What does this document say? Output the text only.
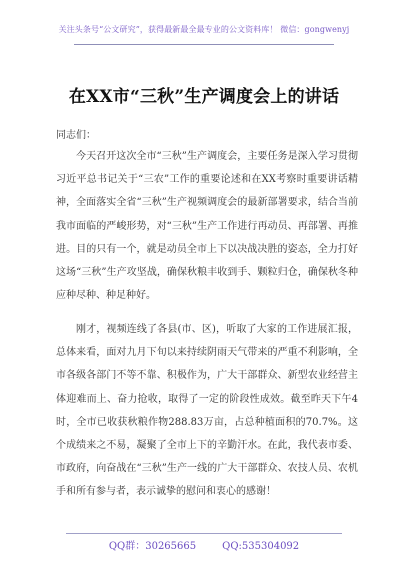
关注头条号“公文研究”，获得最新最全最专业的公文资料库！ 微信：gongwenyj
在XX市“三秋”生产调度会上的讲话
同志们：

今天召开这次全市“三秋”生产调度会，主要任务是深入学习贯彻习近平总书记关于“三农”工作的重要论述和在XX考察时重要讲话精神，全面落实全省“三秋”生产视频调度会的最新部署要求，结合当前我市面临的严峻形势，对“三秋”生产工作进行再动员、再部署、再推进。目的只有一个，就是动员全市上下以决战决胜的姿态，全力打好这场“三秋”生产攻坚战，确保秋粮丰收到手、颗粒归仓，确保秋冬种应种尽种、种足种好。

刚才，视频连线了各县(市、区)，听取了大家的工作进展汇报，总体来看，面对九月下旬以来持续阴雨天气带来的严重不利影响，全市各级各部门不等不靠、积极作为，广大干部群众、新型农业经营主体迎难而上、奋力抢收，取得了一定的阶段性成效。截至昨天下午4时，全市已收获秋粮作物288.83万亩，占总种植面积的70.7%。这个成绩来之不易，凝聚了全市上下的辛勤汗水。在此，我代表市委、市政府，向奋战在“三秋”生产一线的广大干部群众、农技人员、农机手和所有参与者，表示诚挚的慰问和衷心的感谢！

QQ群：30265665	QQ:535304092
